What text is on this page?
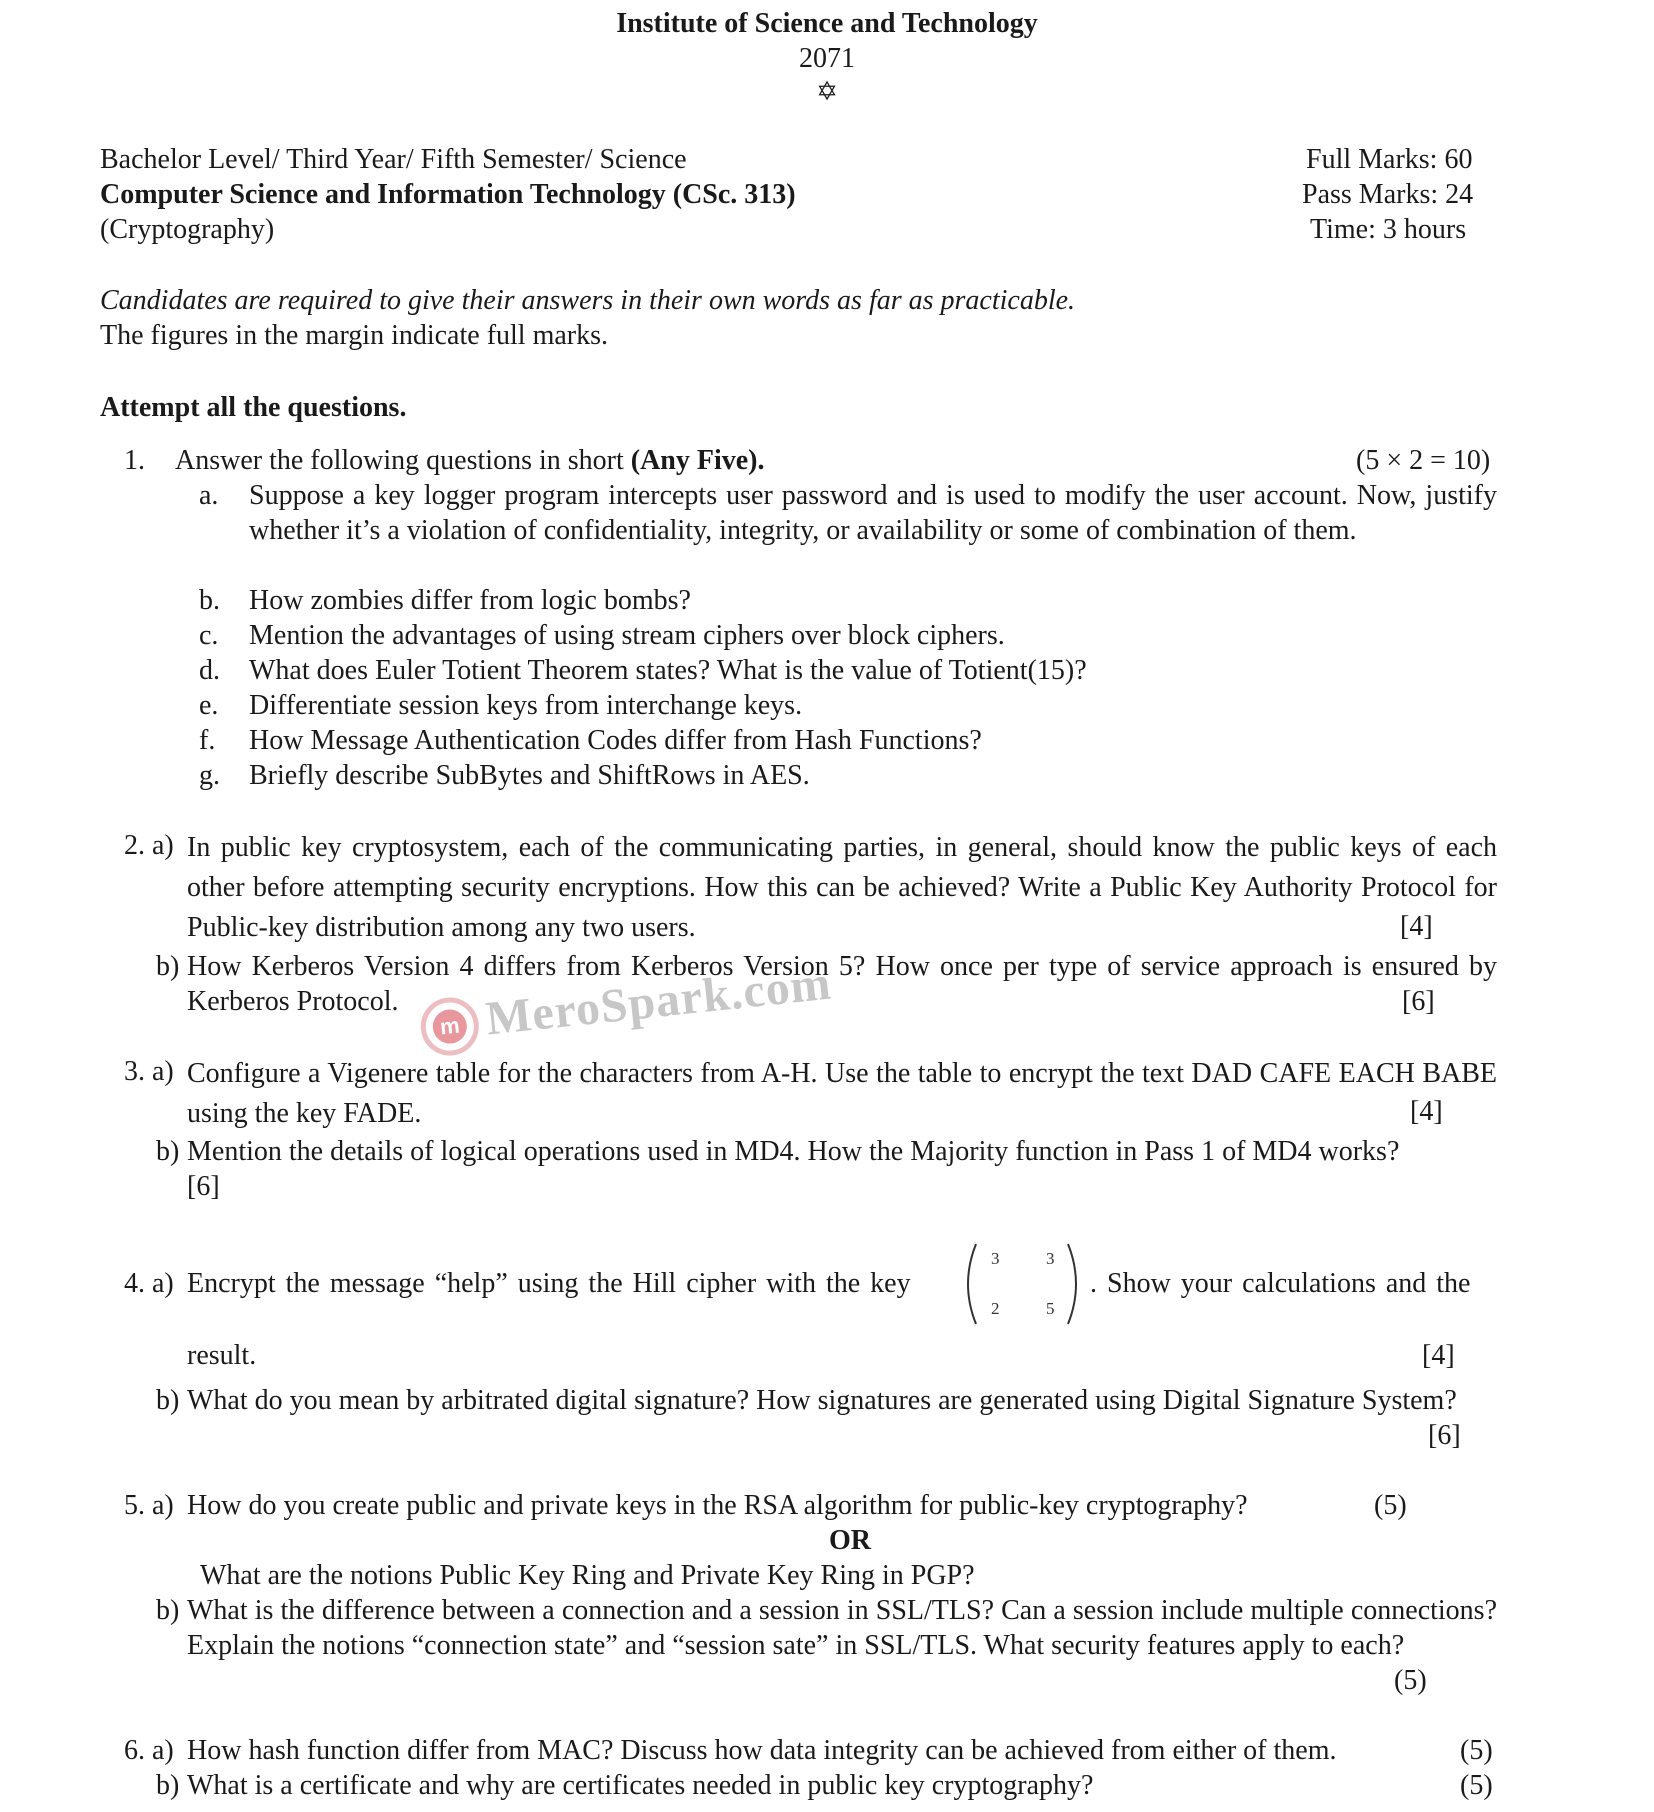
Institute of Science and Technology
2071
✡
Bachelor Level/ Third Year/ Fifth Semester/ Science
Computer Science and Information Technology (CSc. 313)
(Cryptography)
Full Marks: 60
Pass Marks: 24
Time: 3 hours
Candidates are required to give their answers in their own words as far as practicable.
The figures in the margin indicate full marks.
Attempt all the questions.
1. Answer the following questions in short (Any Five).	(5 × 2 = 10)
a. Suppose a key logger program intercepts user password and is used to modify the user account. Now, justify whether it’s a violation of confidentiality, integrity, or availability or some of combination of them.
b. How zombies differ from logic bombs?
c. Mention the advantages of using stream ciphers over block ciphers.
d. What does Euler Totient Theorem states? What is the value of Totient(15)?
e. Differentiate session keys from interchange keys.
f. How Message Authentication Codes differ from Hash Functions?
g. Briefly describe SubBytes and ShiftRows in AES.
2. a) In public key cryptosystem, each of the communicating parties, in general, should know the public keys of each other before attempting security encryptions. How this can be achieved? Write a Public Key Authority Protocol for Public-key distribution among any two users.	[4]
b) How Kerberos Version 4 differs from Kerberos Version 5? How once per type of service approach is ensured by Kerberos Protocol.	[6]
m MeroSpark.com
3. a) Configure a Vigenere table for the characters from A-H. Use the table to encrypt the text DAD CAFE EACH BABE using the key FADE.	[4]
b) Mention the details of logical operations used in MD4. How the Majority function in Pass 1 of MD4 works?
[6]
4. a) Encrypt the message “help” using the Hill cipher with the key
3	3
2	5
. Show your calculations and the
result.	[4]
b) What do you mean by arbitrated digital signature? How signatures are generated using Digital Signature System?
[6]
5. a) How do you create public and private keys in the RSA algorithm for public-key cryptography?	(5)
OR
What are the notions Public Key Ring and Private Key Ring in PGP?
b) What is the difference between a connection and a session in SSL/TLS? Can a session include multiple connections? Explain the notions “connection state” and “session sate” in SSL/TLS. What security features apply to each?
(5)
6. a) How hash function differ from MAC? Discuss how data integrity can be achieved from either of them.	(5)
b) What is a certificate and why are certificates needed in public key cryptography?	(5)
